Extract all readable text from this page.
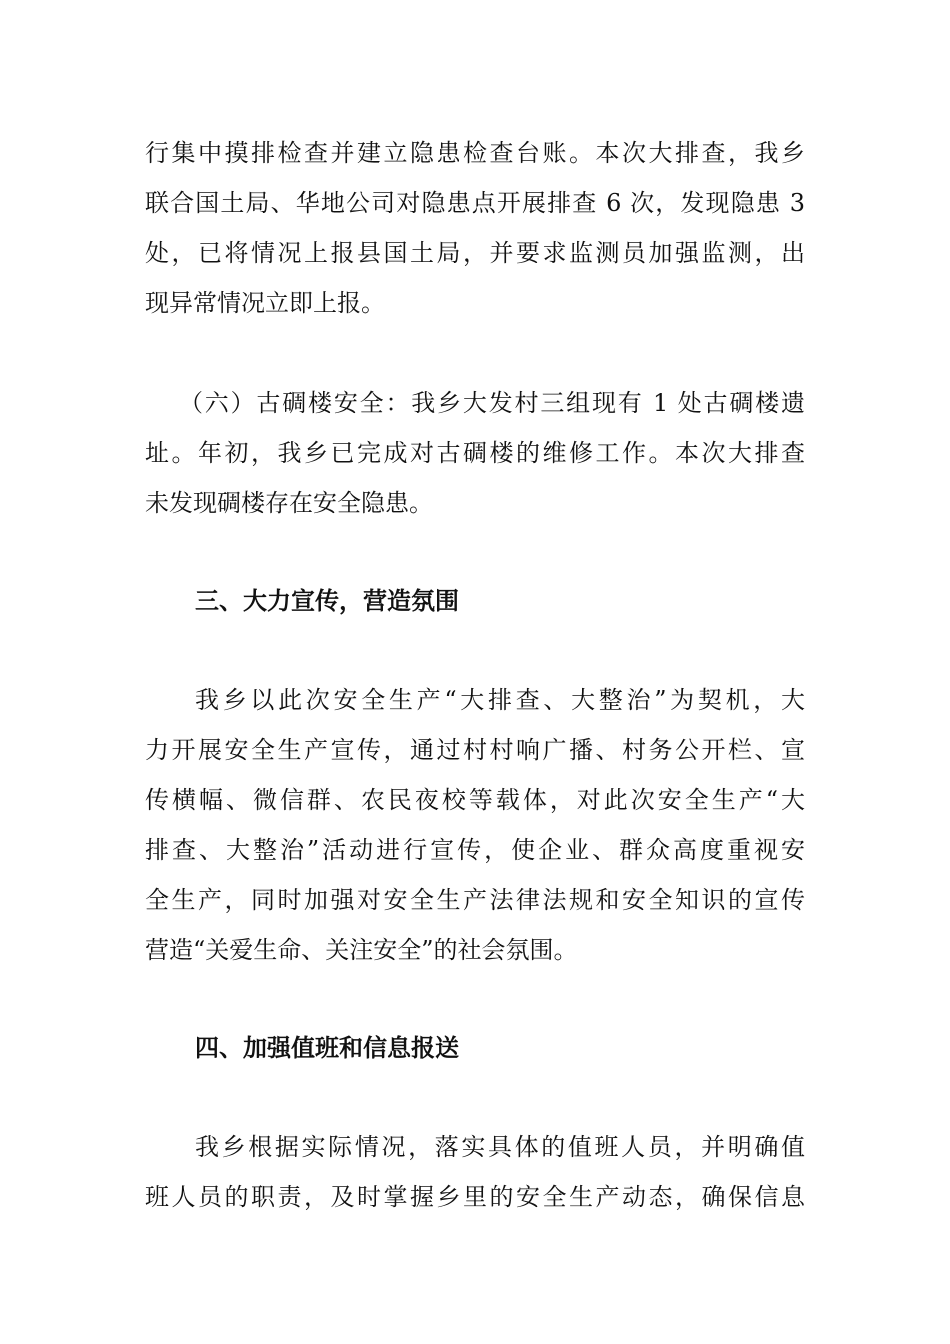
行集中摸排检查并建立隐患检查台账。本次大排查，我乡
联合国土局、华地公司对隐患点开展排查 6 次，发现隐患 3
处，已将情况上报县国土局，并要求监测员加强监测，出
现异常情况立即上报。
（六）古碉楼安全：我乡大发村三组现有 1 处古碉楼遗
址。年初，我乡已完成对古碉楼的维修工作。本次大排查
未发现碉楼存在安全隐患。
三、大力宣传，营造氛围
我乡以此次安全生产“大排查、大整治”为契机，大
力开展安全生产宣传，通过村村响广播、村务公开栏、宣
传横幅、微信群、农民夜校等载体，对此次安全生产“大
排查、大整治”活动进行宣传，使企业、群众高度重视安
全生产，同时加强对安全生产法律法规和安全知识的宣传
营造“关爱生命、关注安全”的社会氛围。
四、加强值班和信息报送
我乡根据实际情况，落实具体的值班人员，并明确值
班人员的职责，及时掌握乡里的安全生产动态，确保信息
